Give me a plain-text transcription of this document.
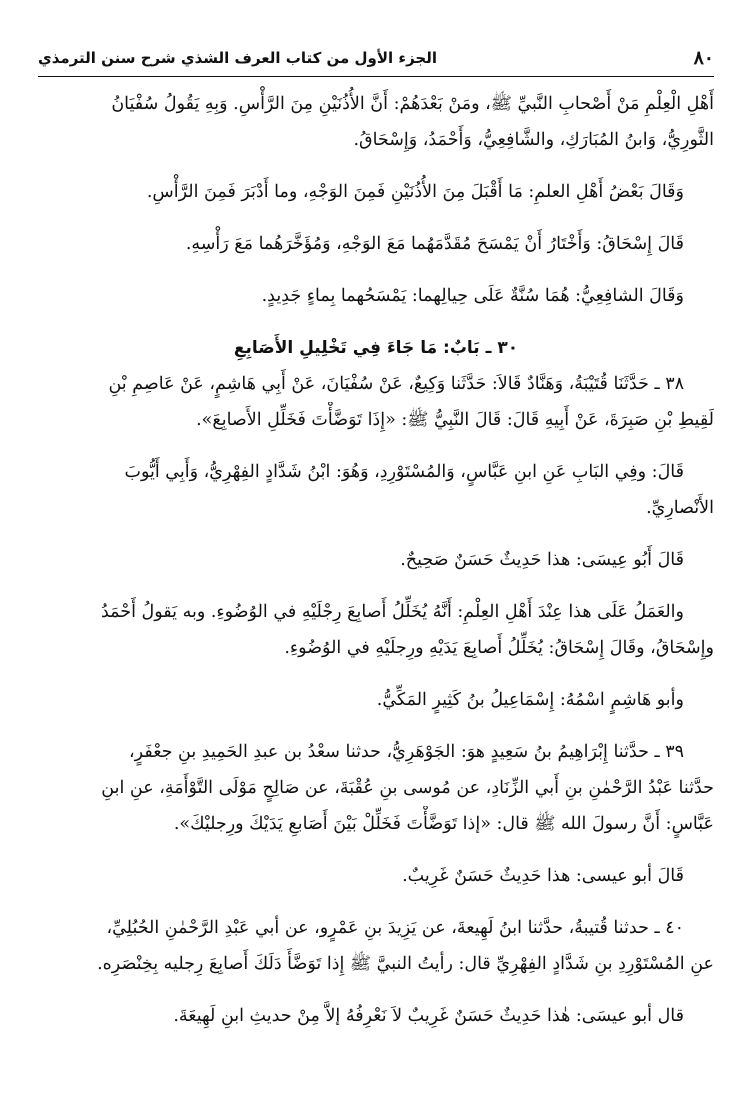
٨٠
الجزء الأول من كتاب العرف الشذي شرح سنن الترمذي

أَهْلِ الْعِلْمِ مَنْ أَصْحابِ النَّبيِّ ﷺ، ومَنْ بَعْدَهُمْ: أَنَّ الأُذُنَيْنِ مِنَ الرَّأْسِ. وَبِهِ يَقُولُ سُفْيَانُ

الثَّورِيُّ، وَابنُ المُبَارَكِ، والشَّافِعِيُّ، وَأَحْمَدُ، وَإِسْحَاقُ.

وَقَالَ بَعْضُ أَهْلِ العلمِ: مَا أَقْبَلَ مِنَ الأُذُنَيْنِ فَمِنَ الوَجْهِ، وما أَدْبَرَ فَمِنَ الرَّأْسِ.

قَالَ إِسْحَاقُ: وَأَخْتَارُ أَنْ يَمْسَحَ مُقَدَّمَهُما مَعَ الوَجْهِ، وَمُؤَخَّرَهُما مَعَ رَأْسِهِ.

وَقَالَ الشافِعِيُّ: هُمَا سُنَّةٌ عَلَى حِيالِهما: يَمْسَحُهما بِماءٍ جَدِيدٍ.

٣٠ ـ بَابٌ: مَا جَاءَ فِي تَخْلِيلِ الأَصَابِعِ

٣٨ ـ حَدَّثَنَا قُتَيْبَةُ، وَهَنَّادٌ قَالاَ: حَدَّثَنا وَكِيعٌ، عَنْ سُفْيَانَ، عَنْ أَبِي هَاشِمٍ، عَنْ عَاصِمِ بْنِ

لَقِيطِ بْنِ صَبِرَةَ، عَنْ أَبِيهِ قَالَ: قَالَ النَّبِيُّ ﷺ: «إِذَا تَوَضَّأْتَ فَخَلِّلِ الأَصابِعَ».

قَالَ: وفِي البَابِ عَنِ ابنِ عَبَّاسٍ، وَالمُسْتَوْرِدِ، وَهُوَ: ابْنُ شَدَّادٍ الفِهْرِيُّ، وَأَبِي أَيُّوبَ

الأَنْصارِيِّ.

قَالَ أَبُو عِيسَى: هذا حَدِيثٌ حَسَنٌ صَحِيحٌ.

والعَمَلُ عَلَى هذا عِنْدَ أَهْلِ العِلْمِ: أَنَّهُ يُخَلِّلُ أَصابِعَ رِجْلَيْهِ في الوُضُوءِ. وبه يَقولُ أَحْمَدُ

وإِسْحَاقُ، وقَالَ إِسْحَاقُ: يُخَلِّلُ أَصابِعَ يَدَيْهِ ورِجلَيْهِ في الوُضُوءِ.

وأبو هَاشِمٍ اسْمُهُ: إِسْمَاعِيلُ بنُ كَثِيرٍ المَكِّيُّ.

٣٩ ـ حدَّثنا إِبْرَاهِيمُ بنُ سَعِيدٍ هوَ: الجَوْهَرِيُّ، حدثنا سعْدُ بن عبدِ الحَمِيدِ بنِ جعْفَرٍ،

حدَّثنا عَبْدُ الرَّحْمٰنِ بنِ أَبي الزِّنَادِ، عن مُوسى بنِ عُقْبَةَ، عن صَالِحٍ مَوْلَى التَّوْأَمَةِ، عنِ ابنِ

عَبَّاسٍ: أَنَّ رسولَ الله ﷺ قال: «إذا تَوَضَّأْتَ فَخَلِّلْ بَيْنَ أَصَابعِ يَدَيْكَ ورِجليْكَ».

قَالَ أبو عيسى: هذا حَدِيثٌ حَسَنٌ غَرِيبٌ.

٤٠ ـ حدثنا قُتيبةُ، حدَّثنا ابنُ لَهِيعةَ، عن يَزِيدَ بنِ عَمْرٍو، عن أبي عَبْدِ الرَّحْمٰنِ الحُبُلِيِّ،

عنِ المُسْتَوْرِدِ بنِ شَدَّادٍ الفِهْرِيِّ قال: رأيتُ النبيَّ ﷺ إِذا تَوَضَّأَ دَلَكَ أَصابِعَ رِجليه بِخِنْصَرِه.

قال أبو عيسَى: هٰذا حَدِيثٌ حَسَنٌ غَرِيبٌ لاَ نَعْرِفُهُ إلاَّ مِنْ حديثِ ابنِ لَهِيعَةَ.
